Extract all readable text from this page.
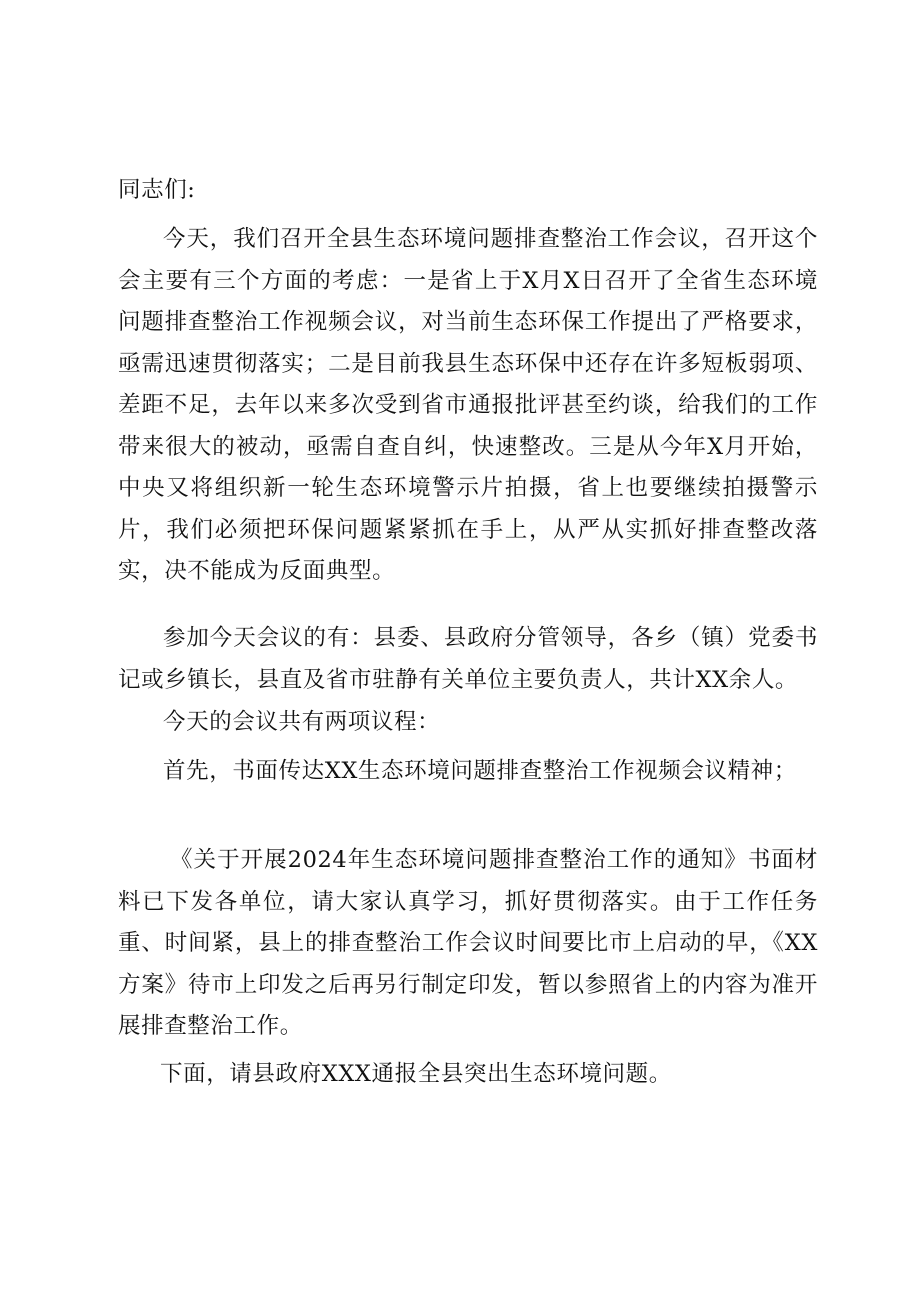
同志们:

今天，我们召开全县生态环境问题排查整治工作会议，召开这个会主要有三个方面的考虑：一是省上于X月X日召开了全省生态环境问题排查整治工作视频会议，对当前生态环保工作提出了严格要求，亟需迅速贯彻落实；二是目前我县生态环保中还存在许多短板弱项、差距不足，去年以来多次受到省市通报批评甚至约谈，给我们的工作带来很大的被动，亟需自查自纠，快速整改。三是从今年X月开始，中央又将组织新一轮生态环境警示片拍摄，省上也要继续拍摄警示片，我们必须把环保问题紧紧抓在手上，从严从实抓好排查整改落实，决不能成为反面典型。

参加今天会议的有：县委、县政府分管领导，各乡（镇）党委书记或乡镇长，县直及省市驻静有关单位主要负责人，共计XX余人。

今天的会议共有两项议程：

首先，书面传达XX生态环境问题排查整治工作视频会议精神；

《关于开展2024年生态环境问题排查整治工作的通知》书面材料已下发各单位，请大家认真学习，抓好贯彻落实。由于工作任务重、时间紧，县上的排查整治工作会议时间要比市上启动的早，《XX方案》待市上印发之后再另行制定印发，暂以参照省上的内容为准开展排查整治工作。

下面，请县政府XXX通报全县突出生态环境问题。
